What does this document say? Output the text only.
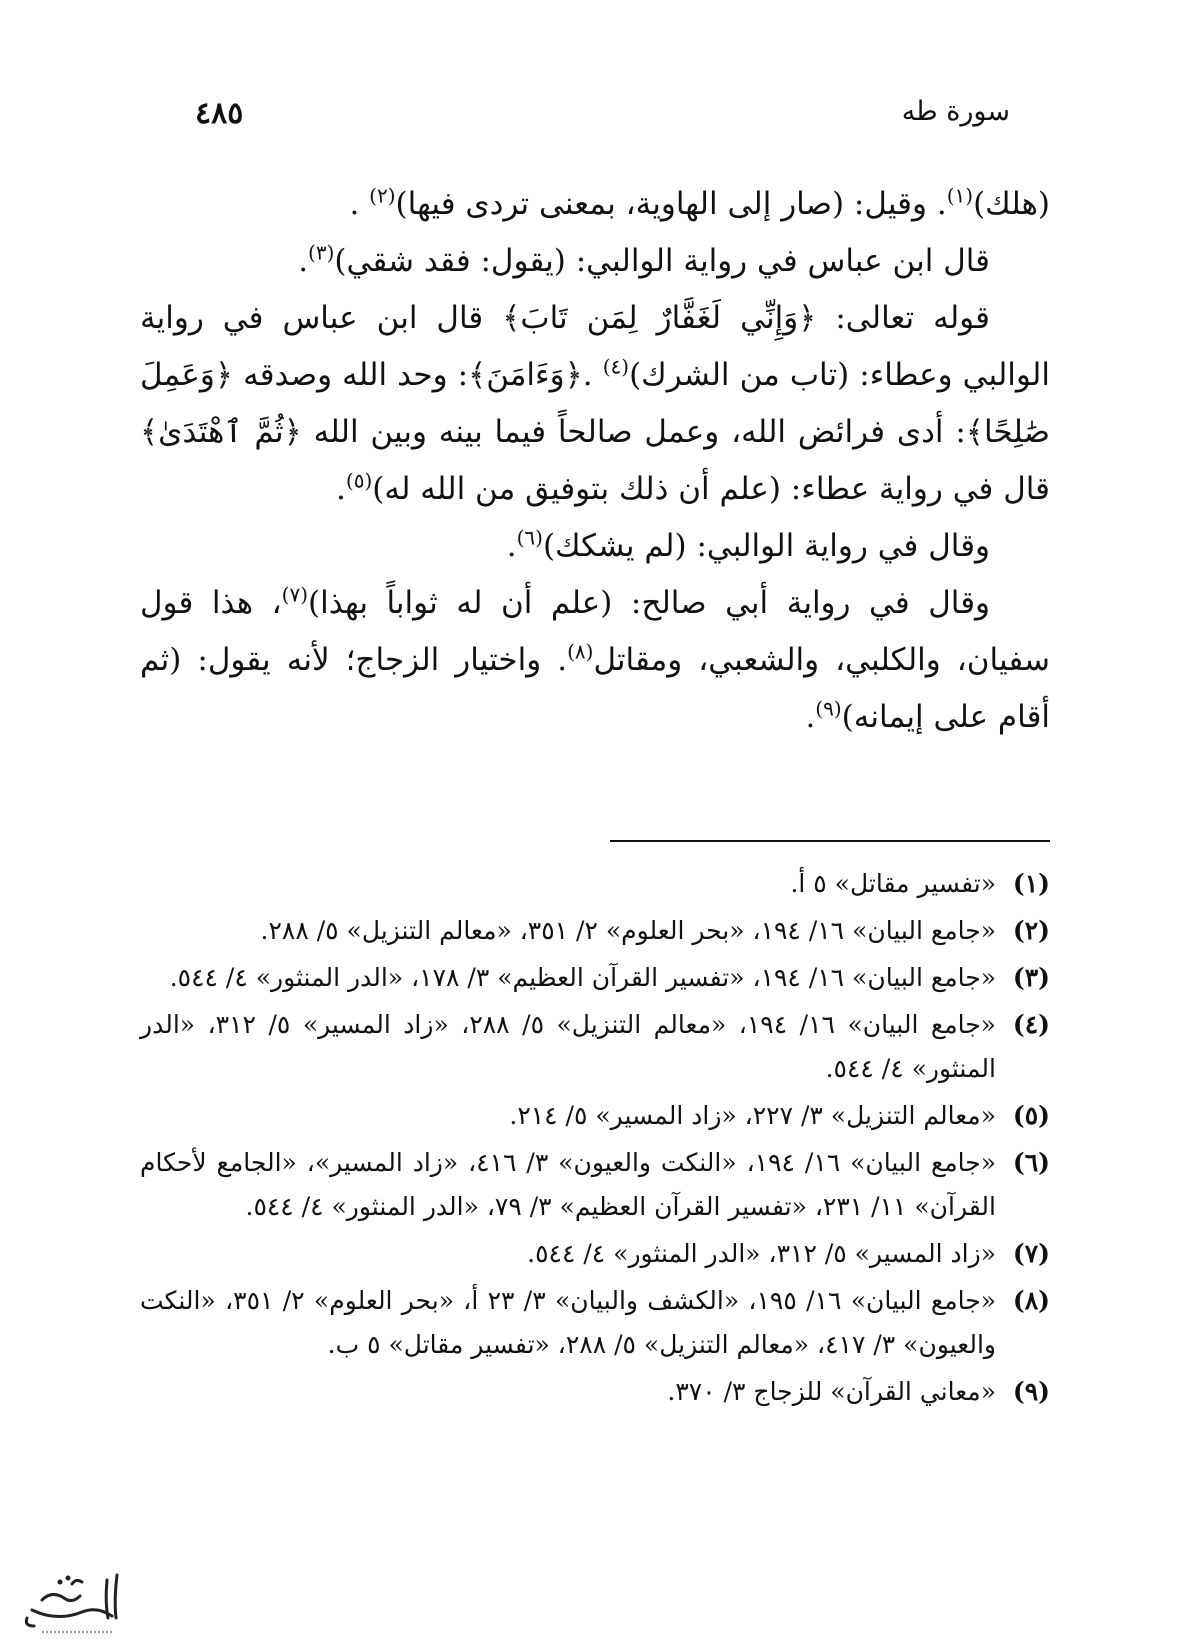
سورة طه
٤٨٥

(هلك)$^{(١)}$. وقيل: (صار إلى الهاوية، بمعنى تردى فيها)$^{(٢)}$ .

قال ابن عباس في رواية الوالبي: (يقول: فقد شقي)$^{(٣)}$.

قوله تعالى: ﴿وَإِنِّي لَغَفَّارٌ لِمَن تَابَ﴾ قال ابن عباس في رواية الوالبي وعطاء: (تاب من الشرك)$^{(٤)}$ .﴿وَءَامَنَ﴾: وحد الله وصدقه ﴿وَعَمِلَ صَٰلِحًا﴾: أدى فرائض الله، وعمل صالحاً فيما بينه وبين الله ﴿ثُمَّ ٱهْتَدَىٰ﴾ قال في رواية عطاء: (علم أن ذلك بتوفيق من الله له)$^{(٥)}$.

وقال في رواية الوالبي: (لم يشكك)$^{(٦)}$.

وقال في رواية أبي صالح: (علم أن له ثواباً بهذا)$^{(٧)}$، هذا قول سفيان، والكلبي، والشعبي، ومقاتل$^{(٨)}$. واختيار الزجاج؛ لأنه يقول: (ثم أقام على إيمانه)$^{(٩)}$.

(١)
«تفسير مقاتل» ٥ أ.
(٢)
«جامع البيان» ١٦/ ١٩٤، «بحر العلوم» ٢/ ٣٥١، «معالم التنزيل» ٥/ ٢٨٨.
(٣)
«جامع البيان» ١٦/ ١٩٤، «تفسير القرآن العظيم» ٣/ ١٧٨، «الدر المنثور» ٤/ ٥٤٤.
(٤)
«جامع البيان» ١٦/ ١٩٤، «معالم التنزيل» ٥/ ٢٨٨، «زاد المسير» ٥/ ٣١٢، «الدر المنثور» ٤/ ٥٤٤.
(٥)
«معالم التنزيل» ٣/ ٢٢٧، «زاد المسير» ٥/ ٢١٤.
(٦)
«جامع البيان» ١٦/ ١٩٤، «النكت والعيون» ٣/ ٤١٦، «زاد المسير»، «الجامع لأحكام القرآن» ١١/ ٢٣١، «تفسير القرآن العظيم» ٣/ ٧٩، «الدر المنثور» ٤/ ٥٤٤.
(٧)
«زاد المسير» ٥/ ٣١٢، «الدر المنثور» ٤/ ٥٤٤.
(٨)
«جامع البيان» ١٦/ ١٩٥، «الكشف والبيان» ٣/ ٢٣ أ، «بحر العلوم» ٢/ ٣٥١، «النكت والعيون» ٣/ ٤١٧، «معالم التنزيل» ٥/ ٢٨٨، «تفسير مقاتل» ٥ ب.
(٩)
«معاني القرآن» للزجاج ٣/ ٣٧٠.
